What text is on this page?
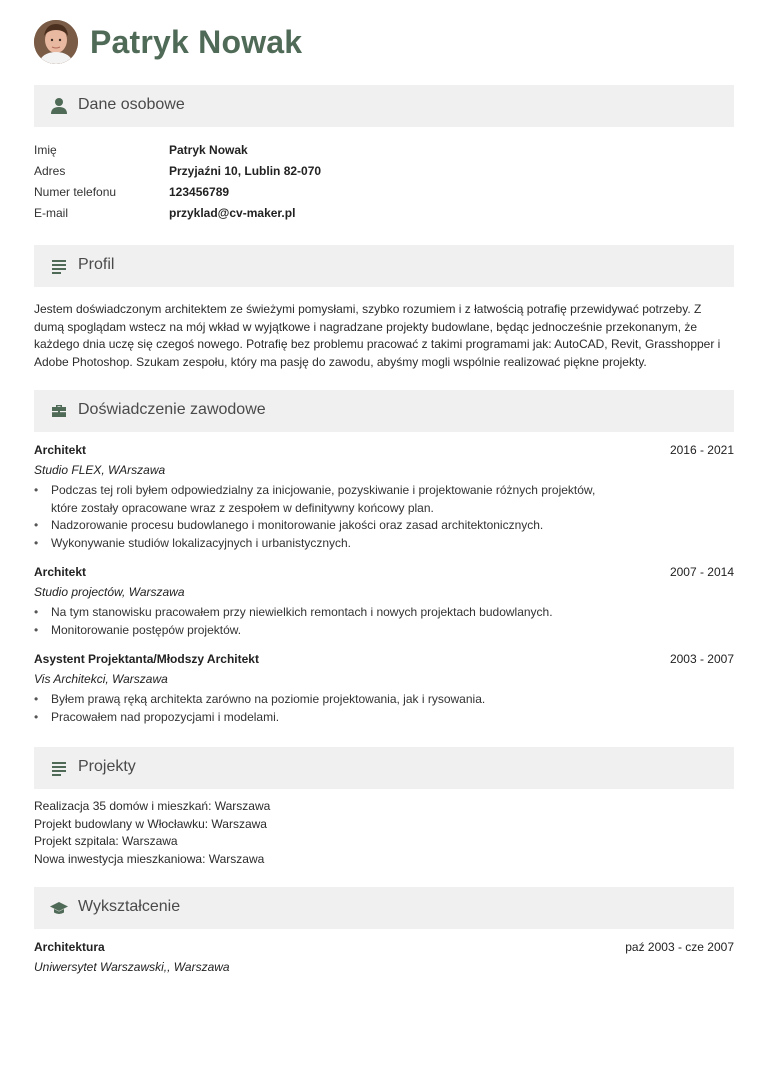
Patryk Nowak
Dane osobowe
Imię	Patryk Nowak
Adres	Przyjaźni 10, Lublin 82-070
Numer telefonu	123456789
E-mail	przyklad@cv-maker.pl
Profil
Jestem doświadczonym architektem ze świeżymi pomysłami, szybko rozumiem i z łatwością potrafię przewidywać potrzeby. Z dumą spoglądam wstecz na mój wkład w wyjątkowe i nagradzane projekty budowlane, będąc jednocześnie przekonanym, że każdego dnia uczę się czegoś nowego. Potrafię bez problemu pracować z takimi programami jak: AutoCAD, Revit, Grasshopper i Adobe Photoshop. Szukam zespołu, który ma pasję do zawodu, abyśmy mogli wspólnie realizować piękne projekty.
Doświadczenie zawodowe
Architekt	2016 - 2021
Studio FLEX, WArszawa
• Podczas tej roli byłem odpowiedzialny za inicjowanie, pozyskiwanie i projektowanie różnych projektów, które zostały opracowane wraz z zespołem w definitywny końcowy plan.
• Nadzorowanie procesu budowlanego i monitorowanie jakości oraz zasad architektonicznych.
• Wykonywanie studiów lokalizacyjnych i urbanistycznych.
Architekt	2007 - 2014
Studio projectów, Warszawa
• Na tym stanowisku pracowałem przy niewielkich remontach i nowych projektach budowlanych.
• Monitorowanie postępów projektów.
Asystent Projektanta/Młodszy Architekt	2003 - 2007
Vis Architekci, Warszawa
• Byłem prawą ręką architekta zarówno na poziomie projektowania, jak i rysowania.
• Pracowałem nad propozycjami i modelami.
Projekty
Realizacja 35 domów i mieszkań: Warszawa
Projekt budowlany w Włocławku: Warszawa
Projekt szpitala: Warszawa
Nowa inwestycja mieszkaniowa: Warszawa
Wykształcenie
Architektura	paź 2003 - cze 2007
Uniwersytet Warszawski,, Warszawa
